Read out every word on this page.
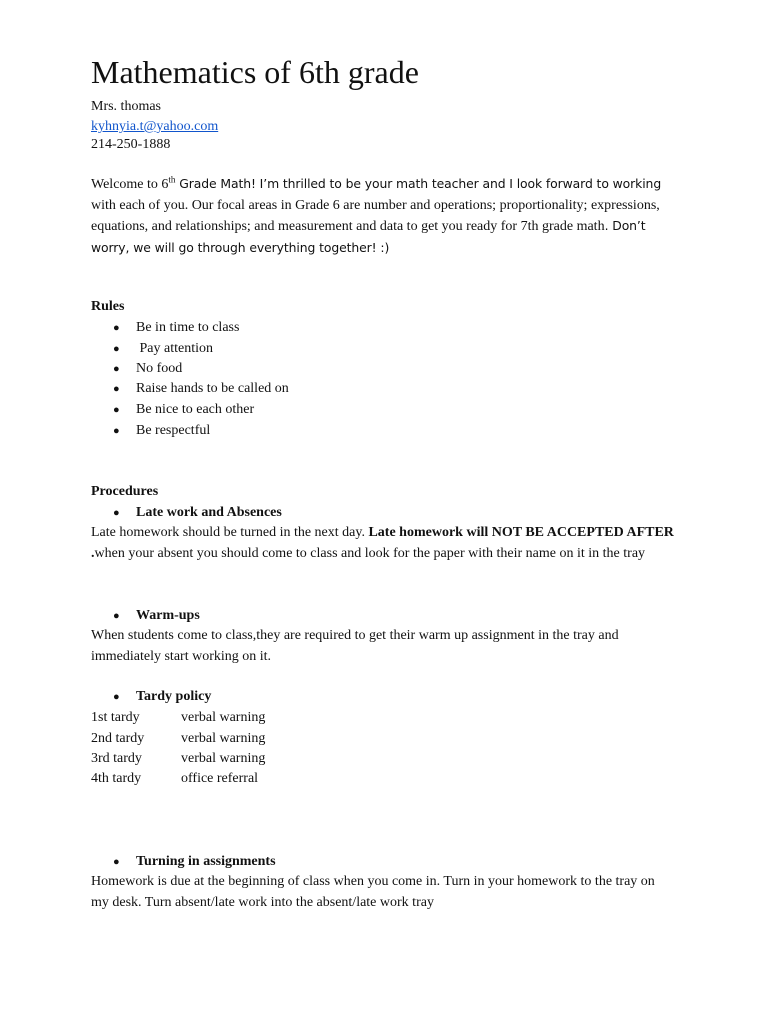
Mathematics of 6th grade
Mrs. thomas
kyhnyia.t@yahoo.com
214-250-1888
Welcome to 6th Grade Math! I’m thrilled to be your math teacher and I look forward to working with each of you. Our focal areas in Grade 6 are number and operations; proportionality; expressions, equations, and relationships; and measurement and data to get you ready for 7th grade math. Don’t worry, we will go through everything together! :)
Rules
● Be in time to class
● Pay attention
● No food
● Raise hands to be called on
● Be nice to each other
● Be respectful
Procedures
● Late work and Absences
Late homework should be turned in the next day. Late homework will NOT BE ACCEPTED AFTER .when your absent you should come to class and look for the paper with their name on it in the tray
● Warm-ups
When students come to class,they are required to get their warm up assignment in the tray and immediately start working on it.
● Tardy policy
1st tardy	verbal warning
2nd tardy	verbal warning
3rd tardy	verbal warning
4th tardy	office referral
● Turning in assignments
Homework is due at the beginning of class when you come in. Turn in your homework to the tray on my desk. Turn absent/late work into the absent/late work tray
